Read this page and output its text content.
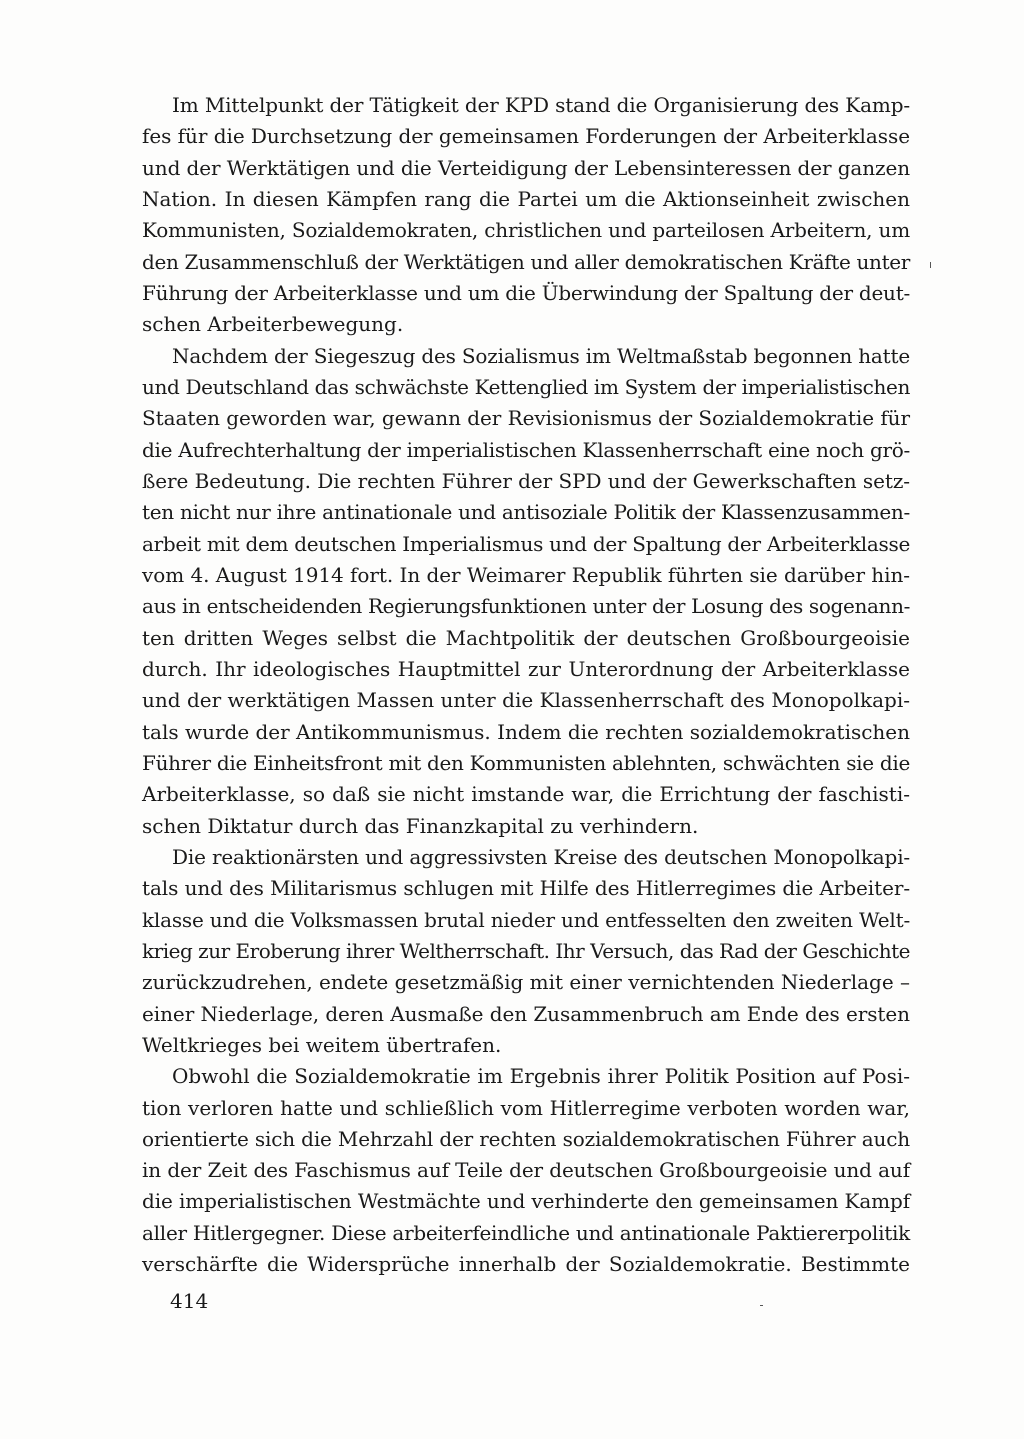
Im Mittelpunkt der Tätigkeit der KPD stand die Organisierung des Kamp-
fes für die Durchsetzung der gemeinsamen Forderungen der Arbeiterklasse
und der Werktätigen und die Verteidigung der Lebensinteressen der ganzen
Nation. In diesen Kämpfen rang die Partei um die Aktionseinheit zwischen
Kommunisten, Sozialdemokraten, christlichen und parteilosen Arbeitern, um
den Zusammenschluß der Werktätigen und aller demokratischen Kräfte unter
Führung der Arbeiterklasse und um die Überwindung der Spaltung der deut-
schen Arbeiterbewegung.
Nachdem der Siegeszug des Sozialismus im Weltmaßstab begonnen hatte
und Deutschland das schwächste Kettenglied im System der imperialistischen
Staaten geworden war, gewann der Revisionismus der Sozialdemokratie für
die Aufrechterhaltung der imperialistischen Klassenherrschaft eine noch grö-
ßere Bedeutung. Die rechten Führer der SPD und der Gewerkschaften setz-
ten nicht nur ihre antinationale und antisoziale Politik der Klassenzusammen-
arbeit mit dem deutschen Imperialismus und der Spaltung der Arbeiterklasse
vom 4. August 1914 fort. In der Weimarer Republik führten sie darüber hin-
aus in entscheidenden Regierungsfunktionen unter der Losung des sogenann-
ten dritten Weges selbst die Machtpolitik der deutschen Großbourgeoisie
durch. Ihr ideologisches Hauptmittel zur Unterordnung der Arbeiterklasse
und der werktätigen Massen unter die Klassenherrschaft des Monopolkapi-
tals wurde der Antikommunismus. Indem die rechten sozialdemokratischen
Führer die Einheitsfront mit den Kommunisten ablehnten, schwächten sie die
Arbeiterklasse, so daß sie nicht imstande war, die Errichtung der faschisti-
schen Diktatur durch das Finanzkapital zu verhindern.
Die reaktionärsten und aggressivsten Kreise des deutschen Monopolkapi-
tals und des Militarismus schlugen mit Hilfe des Hitlerregimes die Arbeiter-
klasse und die Volksmassen brutal nieder und entfesselten den zweiten Welt-
krieg zur Eroberung ihrer Weltherrschaft. Ihr Versuch, das Rad der Geschichte
zurückzudrehen, endete gesetzmäßig mit einer vernichtenden Niederlage –
einer Niederlage, deren Ausmaße den Zusammenbruch am Ende des ersten
Weltkrieges bei weitem übertrafen.
Obwohl die Sozialdemokratie im Ergebnis ihrer Politik Position auf Posi-
tion verloren hatte und schließlich vom Hitlerregime verboten worden war,
orientierte sich die Mehrzahl der rechten sozialdemokratischen Führer auch
in der Zeit des Faschismus auf Teile der deutschen Großbourgeoisie und auf
die imperialistischen Westmächte und verhinderte den gemeinsamen Kampf
aller Hitlergegner. Diese arbeiterfeindliche und antinationale Paktiererpolitik
verschärfte die Widersprüche innerhalb der Sozialdemokratie. Bestimmte
414
